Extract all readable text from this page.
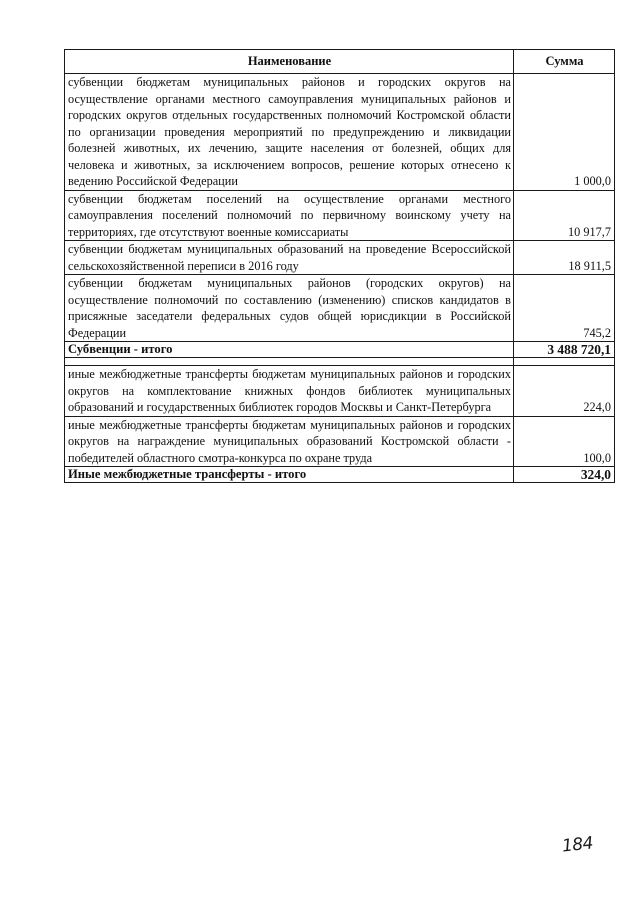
Наименование	Сумма
субвенции бюджетам муниципальных районов и городских округов на осуществление органами местного самоуправления муниципальных районов и городских округов отдельных государственных полномочий Костромской области по организации проведения мероприятий по предупреждению и ликвидации болезней животных, их лечению, защите населения от болезней, общих для человека и животных, за исключением вопросов, решение которых отнесено к ведению Российской Федерации	1 000,0
субвенции бюджетам поселений на осуществление органами местного самоуправления поселений полномочий по первичному воинскому учету на территориях, где отсутствуют военные комиссариаты	10 917,7
субвенции бюджетам муниципальных образований на проведение Всероссийской сельскохозяйственной переписи в 2016 году	18 911,5
субвенции бюджетам муниципальных районов (городских округов) на осуществление полномочий по составлению (изменению) списков кандидатов в присяжные заседатели федеральных судов общей юрисдикции в Российской Федерации	745,2
Субвенции - итого	3 488 720,1

иные межбюджетные трансферты бюджетам муниципальных районов и городских округов на комплектование книжных фондов библиотек муниципальных образований и государственных библиотек городов Москвы и Санкт-Петербурга	224,0
иные межбюджетные трансферты бюджетам муниципальных районов и городских округов на награждение муниципальных образований Костромской области - победителей областного смотра-конкурса по охране труда	100,0
Иные межбюджетные трансферты - итого	324,0
184
